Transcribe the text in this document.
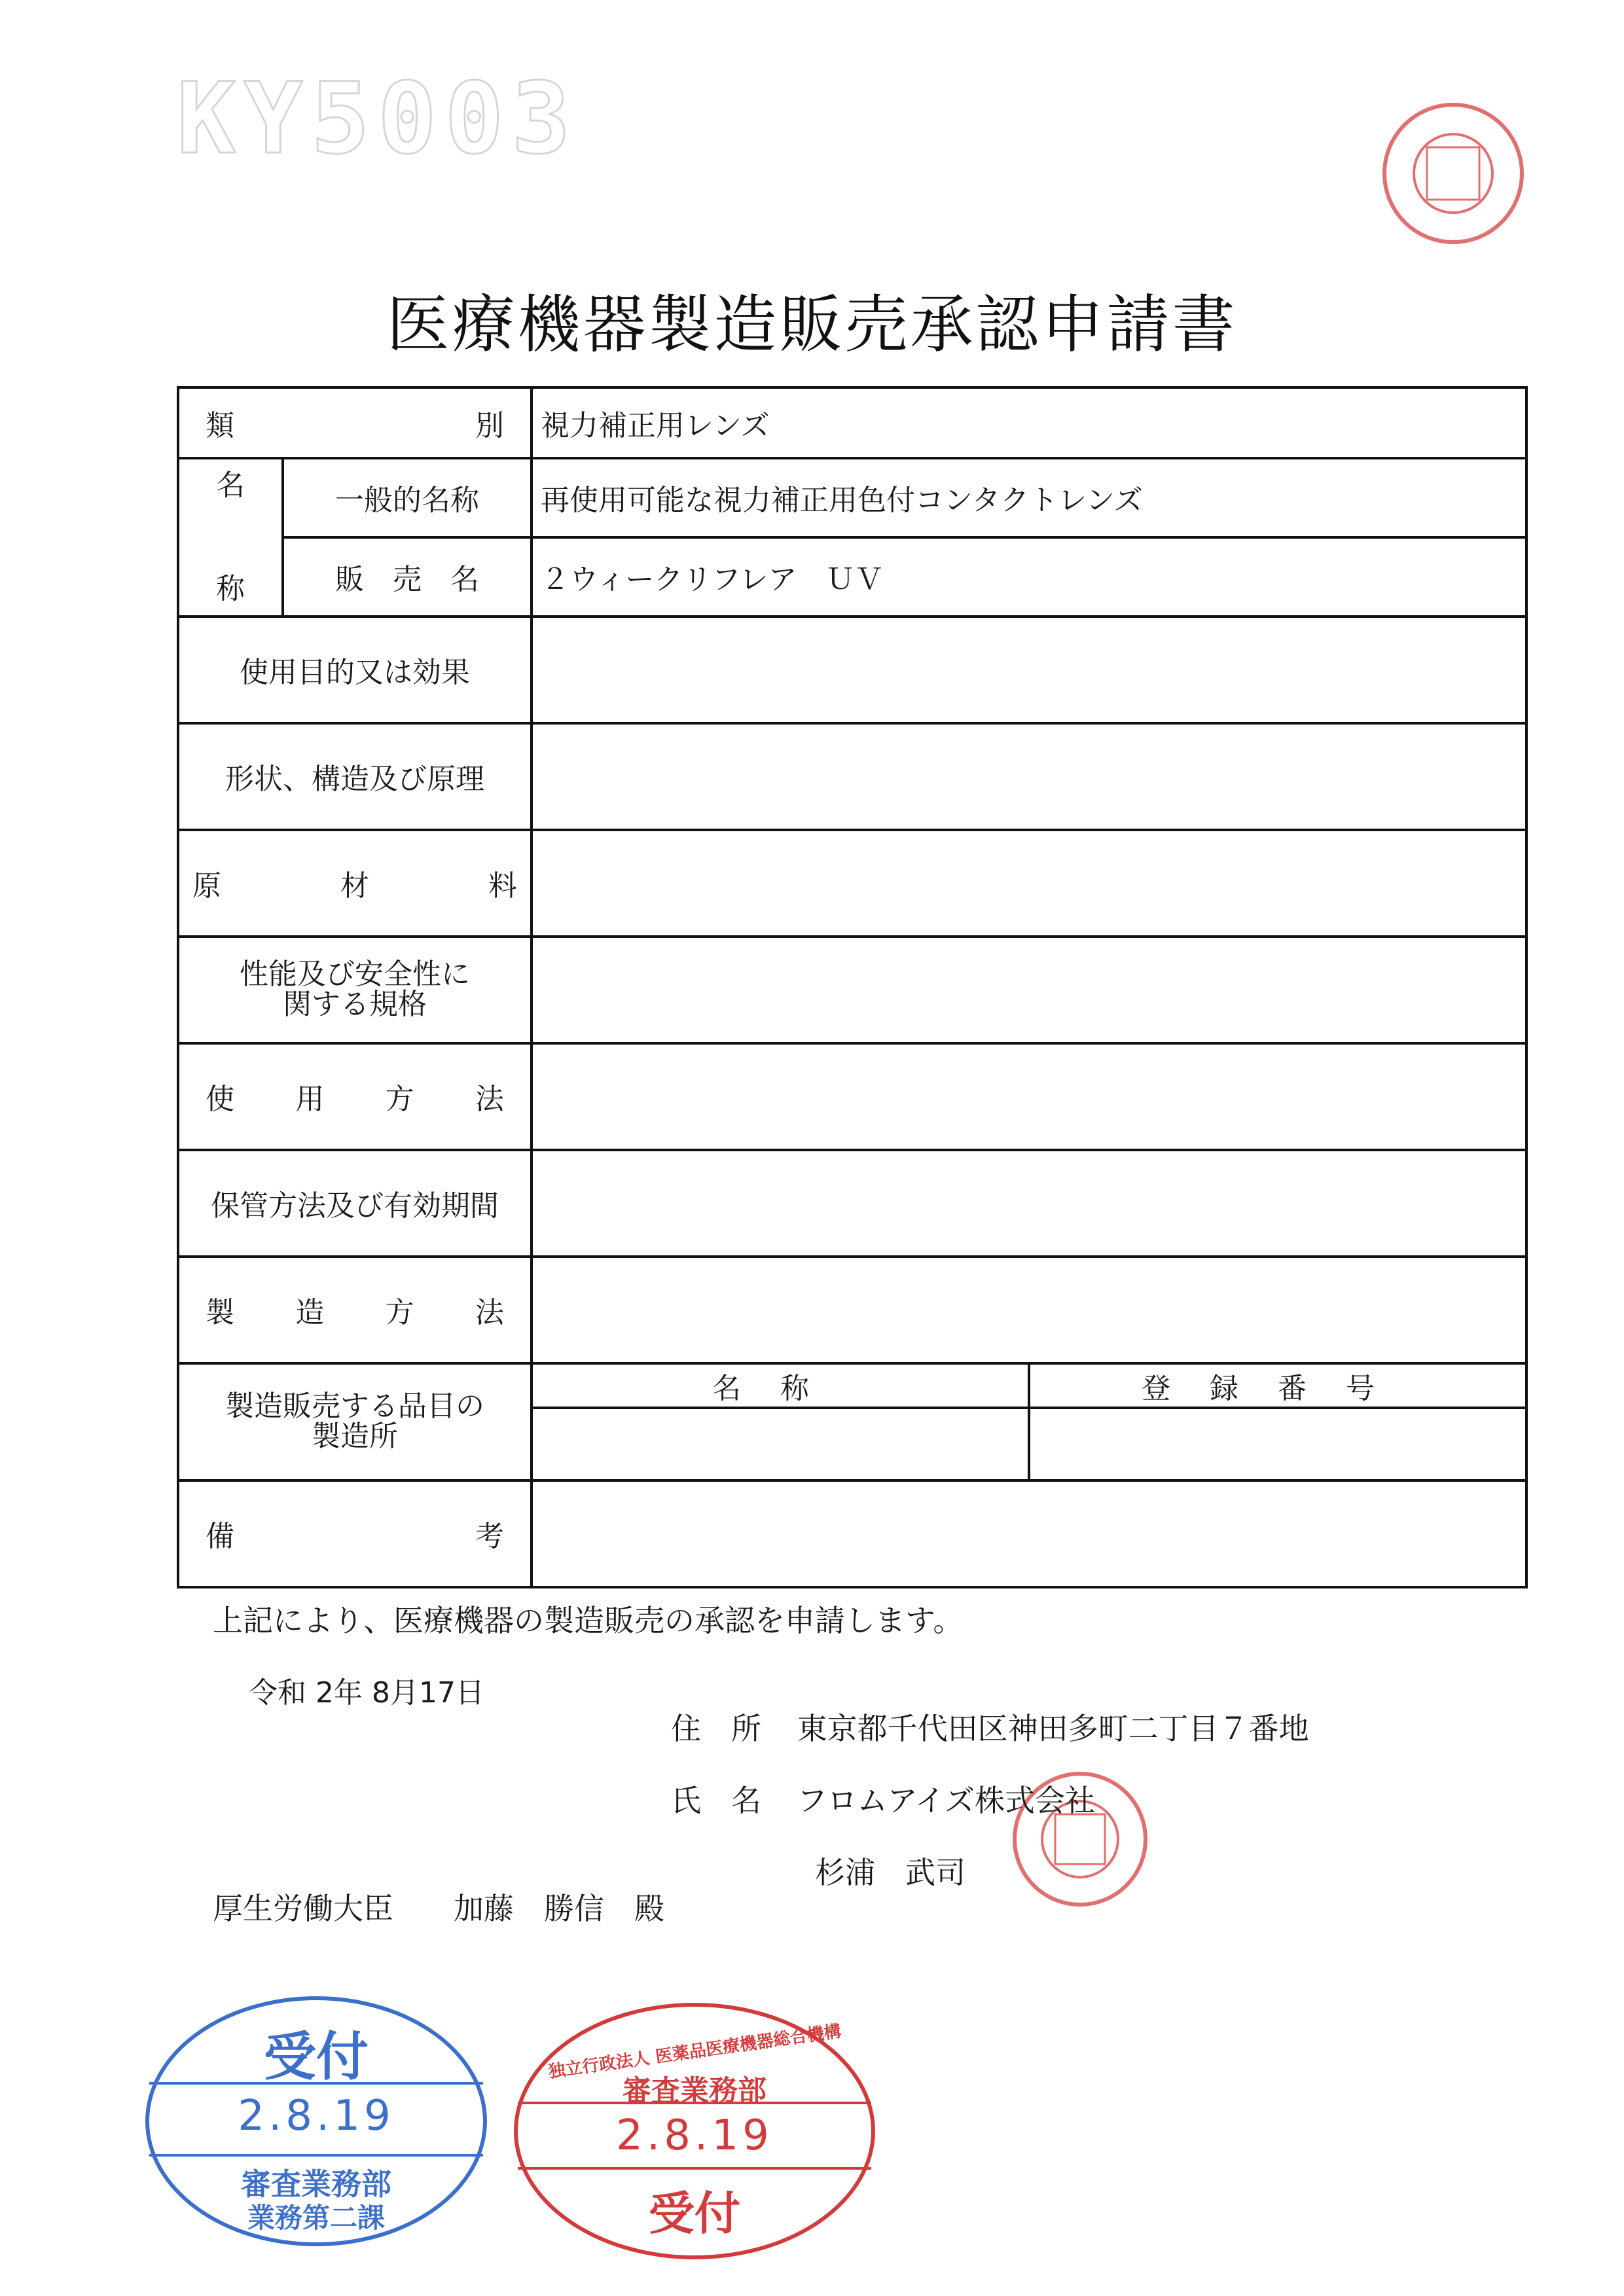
KY5003
医療機器製造販売承認申請書
類　　　　　別		視力補正用レンズ	
名

称	一般的名称	再使用可能な視力補正用色付コンタクトレンズ	
	販　売　名	２ウィークリフレア　ＵＶ	
使用目的又は効果			
形状、構造及び原理			
原　　材　　料			
性能及び安全性に
関する規格			
使　用　方　法			
保管方法及び有効期間			
製　造　方　法			
製造販売する品目の
製造所		名称	登録番号

備　　　　　考			
上記により、医療機器の製造販売の承認を申請します。
令和 2年 8月17日
住　所 東京都千代田区神田多町二丁目７番地
氏　名 フロムアイズ株式会社
杉浦　武司
厚生労働大臣　　加藤　勝信　殿
受付
2.8.19
審査業務部
業務第二課
独立行政法人 医薬品医療機器総合機構
審査業務部
2.8.19
受付
